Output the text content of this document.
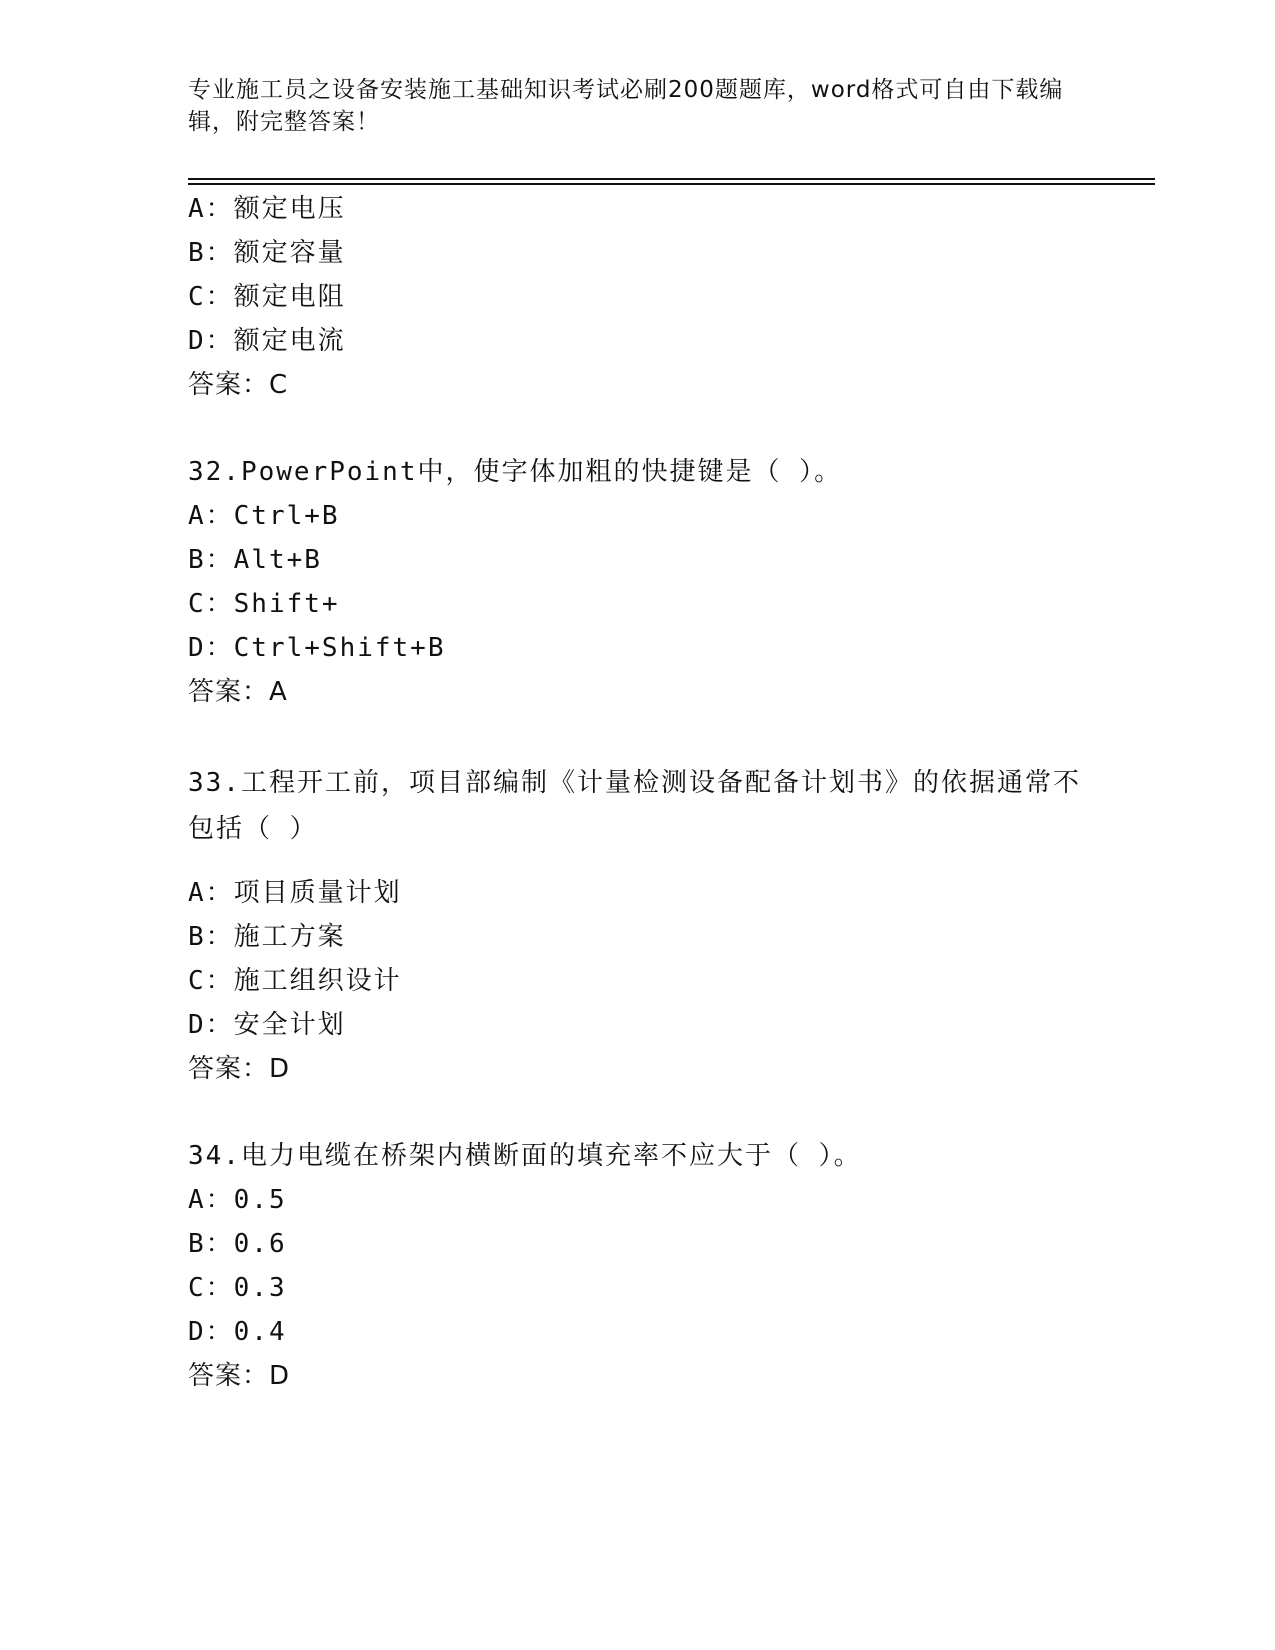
专业施工员之设备安装施工基础知识考试必刷200题题库，word格式可自由下载编辑，附完整答案！
A：额定电压
B：额定容量
C：额定电阻
D：额定电流
答案：C
32.PowerPoint中，使字体加粗的快捷键是（ ）。
A：Ctrl+B
B：Alt+B
C：Shift+
D：Ctrl+Shift+B
答案：A
33.工程开工前，项目部编制《计量检测设备配备计划书》的依据通常不包括（ ）
A：项目质量计划
B：施工方案
C：施工组织设计
D：安全计划
答案：D
34.电力电缆在桥架内横断面的填充率不应大于（ ）。
A：0.5
B：0.6
C：0.3
D：0.4
答案：D
